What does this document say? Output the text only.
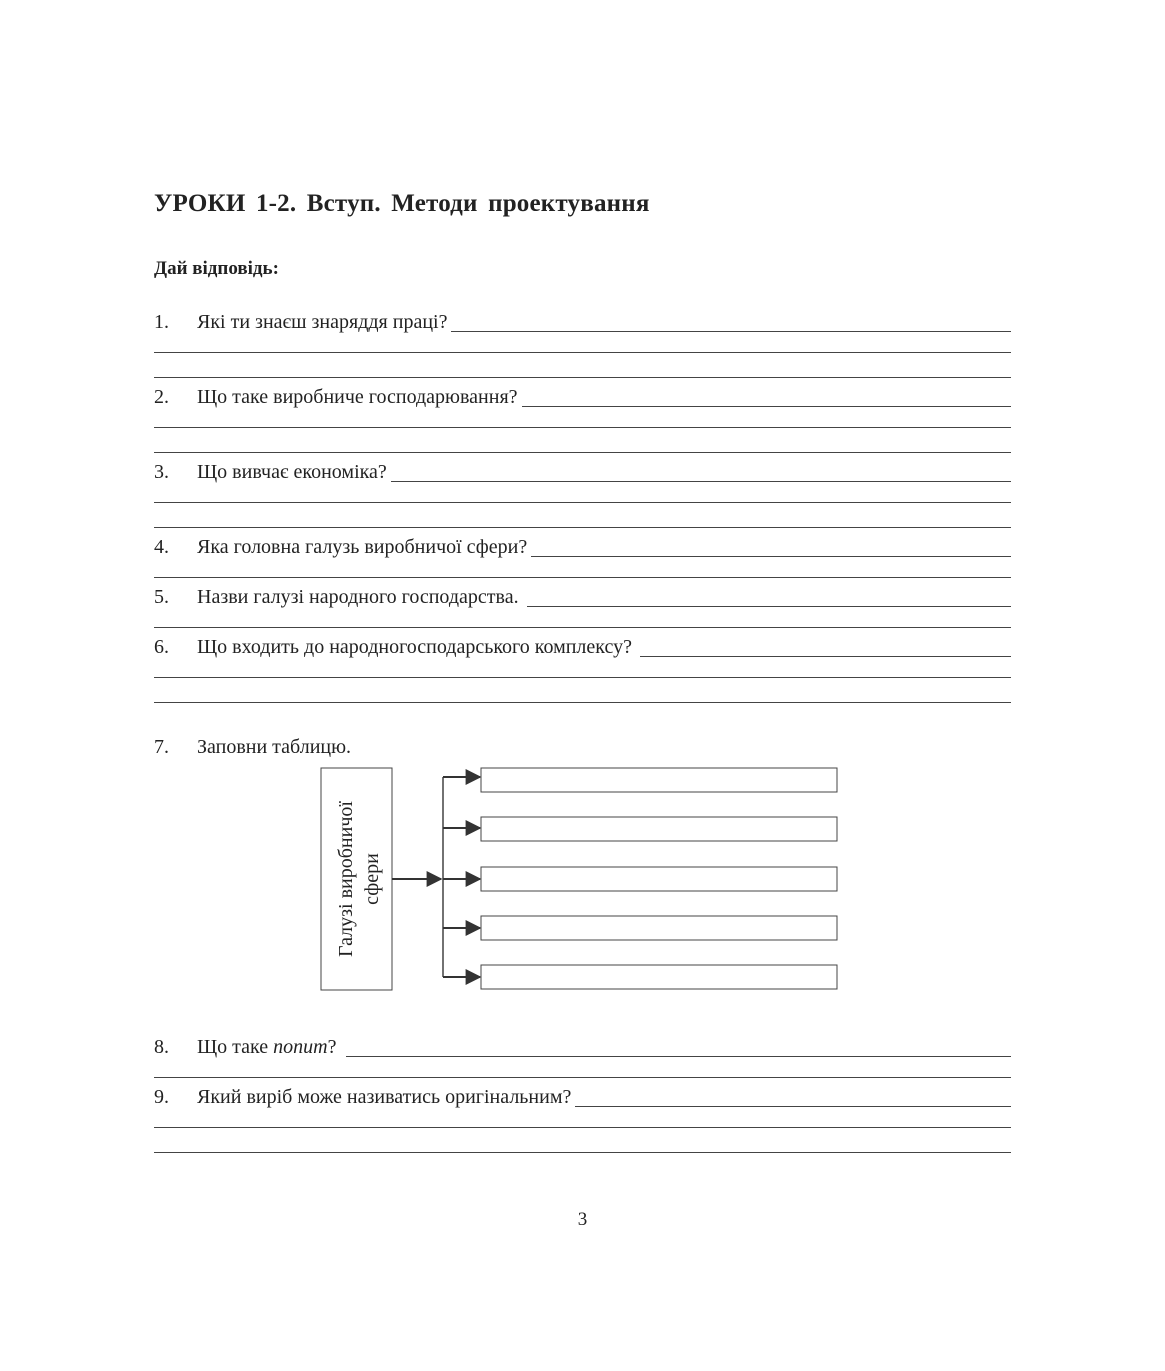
УРОКИ 1-2. Вступ. Методи проектування
Дай відповідь:
1.	Які ти знаєш знаряддя праці?
2.	Що таке виробниче господарювання?
3.	Що вивчає економіка?
4.	Яка головна галузь виробничої сфери?
5.	Назви галузі народного господарства.
6.	Що входить до народногосподарського комплексу?
7.	Заповни таблицю.
Галузі виробничої сфери
8.	Що таке попит?
9.	Який виріб може називатись оригінальним?
3
